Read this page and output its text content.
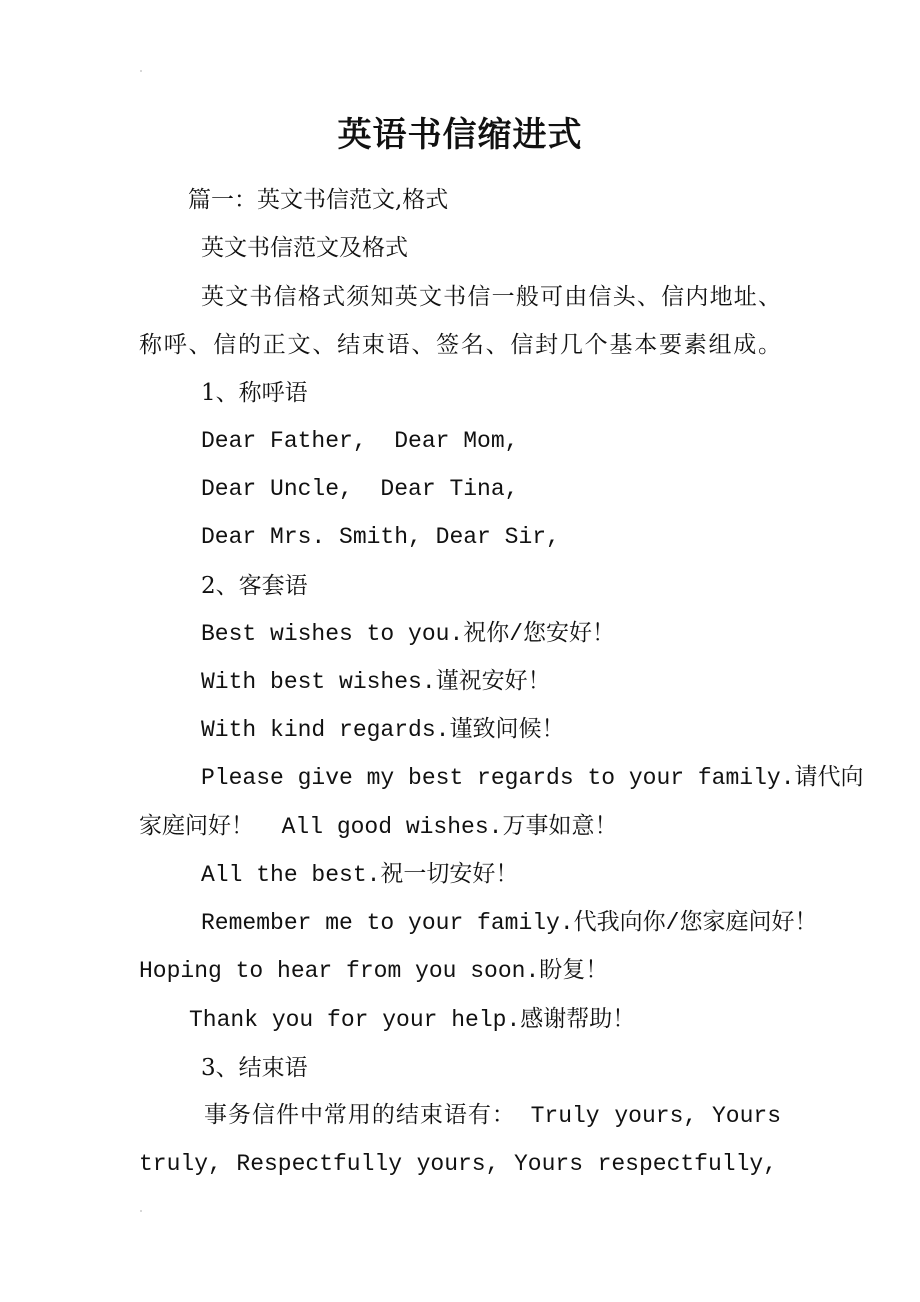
英语书信缩进式
篇一：英文书信范文,格式
英文书信范文及格式
英文书信格式须知英文书信一般可由信头、信内地址、
称呼、信的正文、结束语、签名、信封几个基本要素组成。
1、称呼语
Dear Father,  Dear Mom,
Dear Uncle,  Dear Tina,
Dear Mrs. Smith, Dear Sir,
2、客套语
Best wishes to you.祝你/您安好！
With best wishes.谨祝安好！
With kind regards.谨致问候！
Please give my best regards to your family.请代向
家庭问好！  All good wishes.万事如意！
All the best.祝一切安好！
Remember me to your family.代我向你/您家庭问好！
Hoping to hear from you soon.盼复！
Thank you for your help.感谢帮助！
3、结束语
事务信件中常用的结束语有： Truly yours, Yours
truly, Respectfully yours, Yours respectfully,
